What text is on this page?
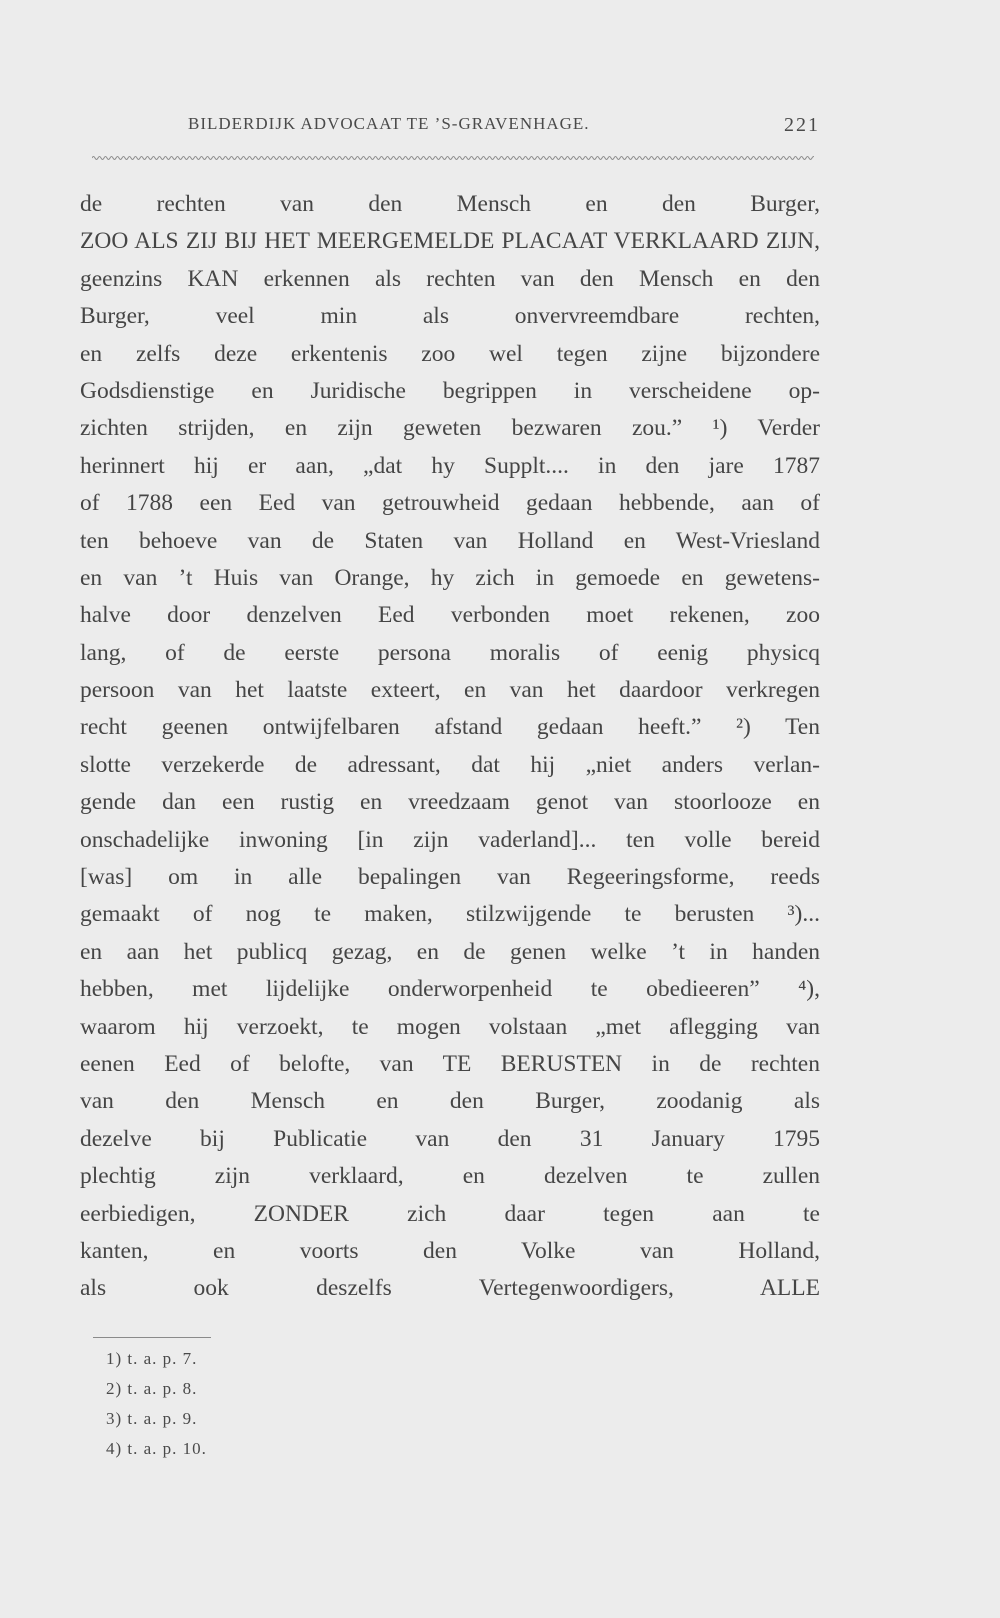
BILDERDIJK ADVOCAAT TE ’S-GRAVENHAGE.	221
de rechten van den Mensch en den Burger,
ZOO ALS ZIJ BIJ HET MEERGEMELDE PLACAAT VERKLAARD ZIJN,
geenzins KAN erkennen als rechten van den Mensch en den
Burger, veel min als onvervreemdbare rechten,
en zelfs deze erkentenis zoo wel tegen zijne bijzondere
Godsdienstige en Juridische begrippen in verscheidene op-
zichten strijden, en zijn geweten bezwaren zou.” ¹) Verder
herinnert hij er aan, „dat hy Supplt.... in den jare 1787
of 1788 een Eed van getrouwheid gedaan hebbende, aan of
ten behoeve van de Staten van Holland en West-Vriesland
en van ’t Huis van Orange, hy zich in gemoede en gewetens-
halve door denzelven Eed verbonden moet rekenen, zoo
lang, of de eerste persona moralis of eenig physicq
persoon van het laatste exteert, en van het daardoor verkregen
recht geenen ontwijfelbaren afstand gedaan heeft.” ²) Ten
slotte verzekerde de adressant, dat hij „niet anders verlan-
gende dan een rustig en vreedzaam genot van stoorlooze en
onschadelijke inwoning [in zijn vaderland]... ten volle bereid
[was] om in alle bepalingen van Regeeringsforme, reeds
gemaakt of nog te maken, stilzwijgende te berusten ³)...
en aan het publicq gezag, en de genen welke ’t in handen
hebben, met lijdelijke onderworpenheid te obedieeren” ⁴),
waarom hij verzoekt, te mogen volstaan „met aflegging van
eenen Eed of belofte, van TE BERUSTEN in de rechten
van den Mensch en den Burger, zoodanig als
dezelve bij Publicatie van den 31 January 1795
plechtig zijn verklaard, en dezelven te zullen
eerbiedigen, ZONDER zich daar tegen aan te
kanten, en voorts den Volke van Holland,
als ook deszelfs Vertegenwoordigers, ALLE
1) t. a. p. 7.
2) t. a. p. 8.
3) t. a. p. 9.
4) t. a. p. 10.
